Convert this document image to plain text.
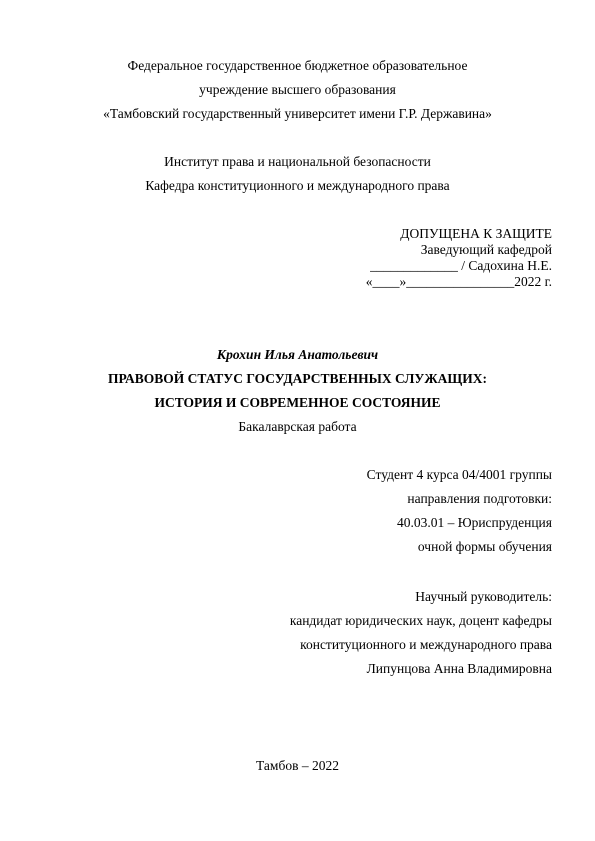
Федеральное государственное бюджетное образовательное
учреждение высшего образования
«Тамбовский государственный университет имени Г.Р. Державина»
Институт права и национальной безопасности
Кафедра конституционного и международного права
ДОПУЩЕНА К ЗАЩИТЕ
Заведующий кафедрой
_____________ / Садохина Н.Е.
«____»________________2022 г.
Крохин Илья Анатольевич
ПРАВОВОЙ СТАТУС ГОСУДАРСТВЕННЫХ СЛУЖАЩИХ:
ИСТОРИЯ И СОВРЕМЕННОЕ СОСТОЯНИЕ
Бакалаврская работа
Студент 4 курса 04/4001 группы
направления подготовки:
40.03.01 – Юриспруденция
очной формы обучения
Научный руководитель:
кандидат юридических наук, доцент кафедры
конституционного и международного права
Липунцова Анна Владимировна
Тамбов – 2022
